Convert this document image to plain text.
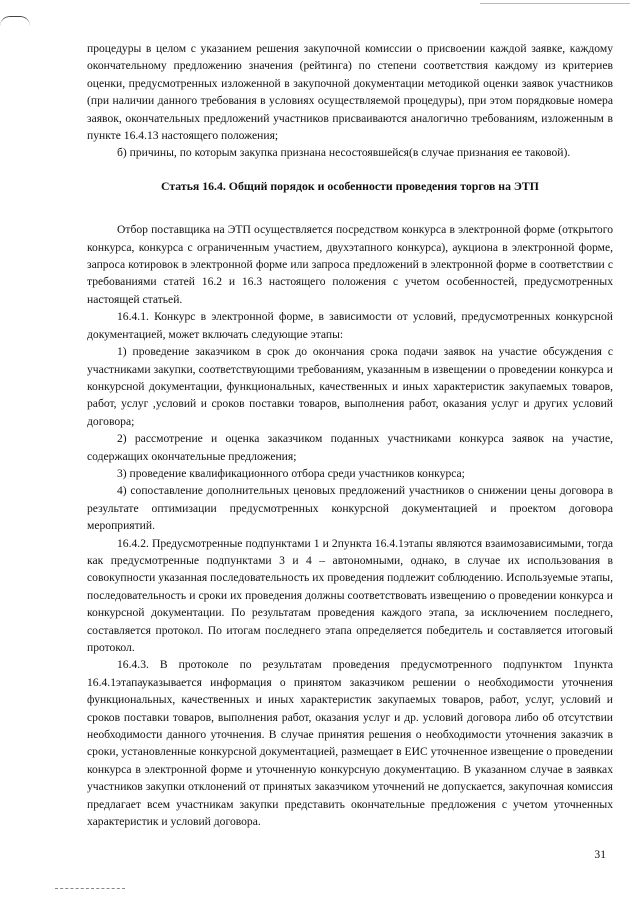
процедуры в целом с указанием решения закупочной комиссии о присвоении каждой заявке, каждому окончательному предложению значения (рейтинга) по степени соответствия каждому из критериев оценки, предусмотренных изложенной в закупочной документации методикой оценки заявок участников (при наличии данного требования в условиях осуществляемой процедуры), при этом порядковые номера заявок, окончательных предложений участников присваиваются аналогично требованиям, изложенным в пункте 16.4.13 настоящего положения;

б) причины, по которым закупка признана несостоявшейся(в случае признания ее таковой).

Статья 16.4. Общий порядок и особенности проведения торгов на ЭТП

Отбор поставщика на ЭТП осуществляется посредством конкурса в электронной форме (открытого конкурса, конкурса с ограниченным участием, двухэтапного конкурса), аукциона в электронной форме, запроса котировок в электронной форме или запроса предложений в электронной форме в соответствии с требованиями статей 16.2 и 16.3 настоящего положения с учетом особенностей, предусмотренных настоящей статьей.

16.4.1. Конкурс в электронной форме, в зависимости от условий, предусмотренных конкурсной документацией, может включать следующие этапы:

1) проведение заказчиком в срок до окончания срока подачи заявок на участие обсуждения с участниками закупки, соответствующими требованиям, указанным в извещении о проведении конкурса и конкурсной документации, функциональных, качественных и иных характеристик закупаемых товаров, работ, услуг ,условий и сроков поставки товаров, выполнения работ, оказания услуг и других условий договора;

2) рассмотрение и оценка заказчиком поданных участниками конкурса заявок на участие, содержащих окончательные предложения;

3) проведение квалификационного отбора среди участников конкурса;

4) сопоставление дополнительных ценовых предложений участников о снижении цены договора в результате оптимизации предусмотренных конкурсной документацией и проектом договора мероприятий.

16.4.2. Предусмотренные подпунктами 1 и 2пункта 16.4.1этапы являются взаимозависимыми, тогда как предусмотренные подпунктами 3 и 4 – автономными, однако, в случае их использования в совокупности указанная последовательность их проведения подлежит соблюдению. Используемые этапы, последовательность и сроки их проведения должны соответствовать извещению о проведении конкурса и конкурсной документации. По результатам проведения каждого этапа, за исключением последнего, составляется протокол. По итогам последнего этапа определяется победитель и составляется итоговый протокол.

16.4.3. В протоколе по результатам проведения предусмотренного подпунктом 1пункта 16.4.1этапауказывается информация о принятом заказчиком решении о необходимости уточнения функциональных, качественных и иных характеристик закупаемых товаров, работ, услуг, условий и сроков поставки товаров, выполнения работ, оказания услуг и др. условий договора либо об отсутствии необходимости данного уточнения. В случае принятия решения о необходимости уточнения заказчик в сроки, установленные конкурсной документацией, размещает в ЕИС уточненное извещение о проведении конкурса в электронной форме и уточненную конкурсную документацию. В указанном случае в заявках участников закупки отклонений от принятых заказчиком уточнений не допускается, закупочная комиссия предлагает всем участникам закупки представить окончательные предложения с учетом уточненных характеристик и условий договора.

31
